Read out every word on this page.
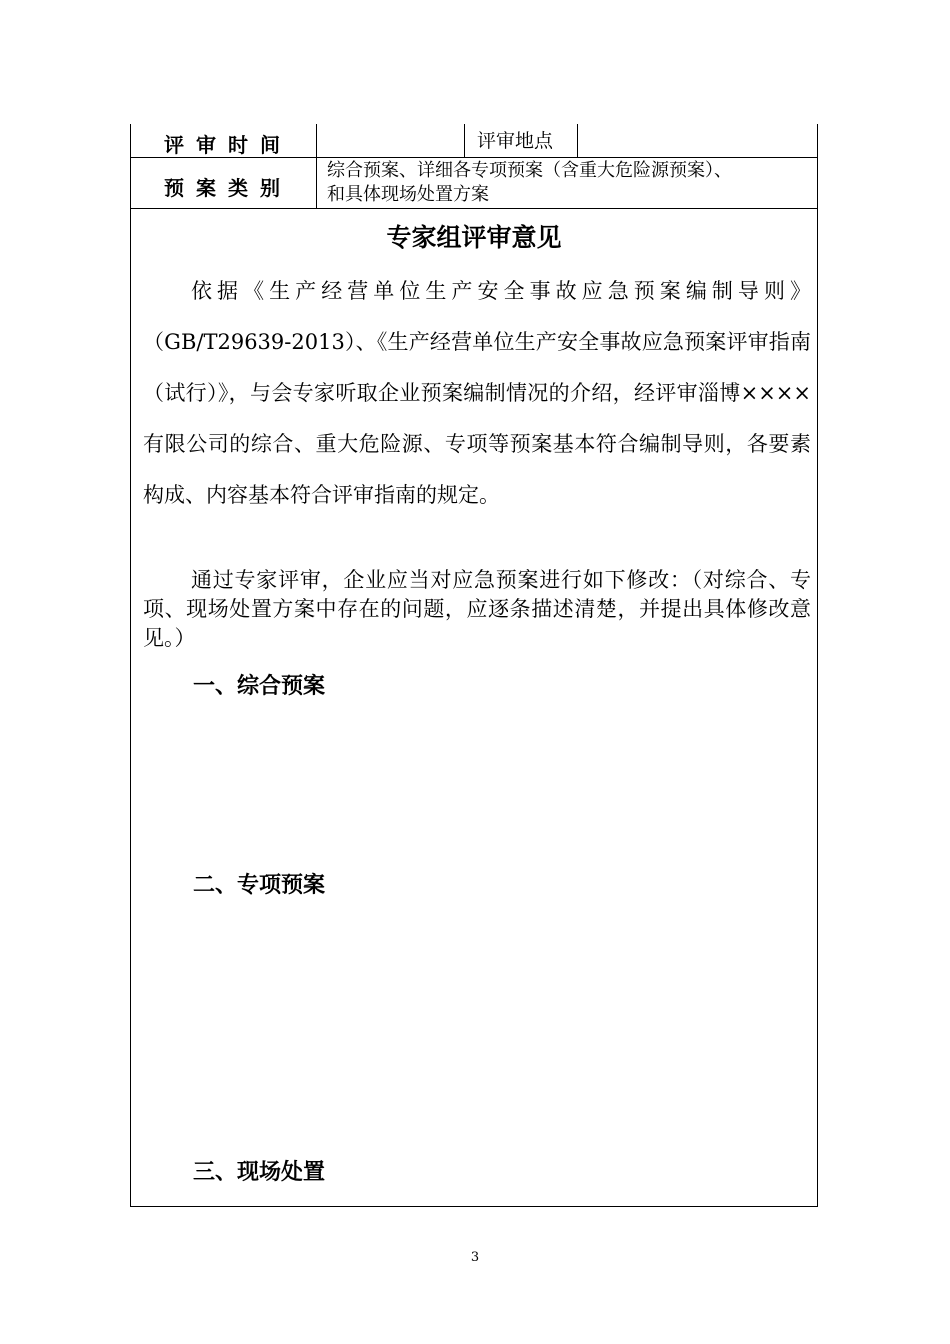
评审时间	评审地点
预案类别
综合预案、详细各专项预案（含重大危险源预案）、
和具体现场处置方案
专家组评审意见
依据《生产经营单位生产安全事故应急预案编制导则》（GB/T29639-2013）、《生产经营单位生产安全事故应急预案评审指南（试行）》，与会专家听取企业预案编制情况的介绍，经评审淄博××××有限公司的综合、重大危险源、专项等预案基本符合编制导则，各要素构成、内容基本符合评审指南的规定。
通过专家评审，企业应当对应急预案进行如下修改：（对综合、专项、现场处置方案中存在的问题，应逐条描述清楚，并提出具体修改意见。）
一、综合预案
二、专项预案
三、现场处置
3
